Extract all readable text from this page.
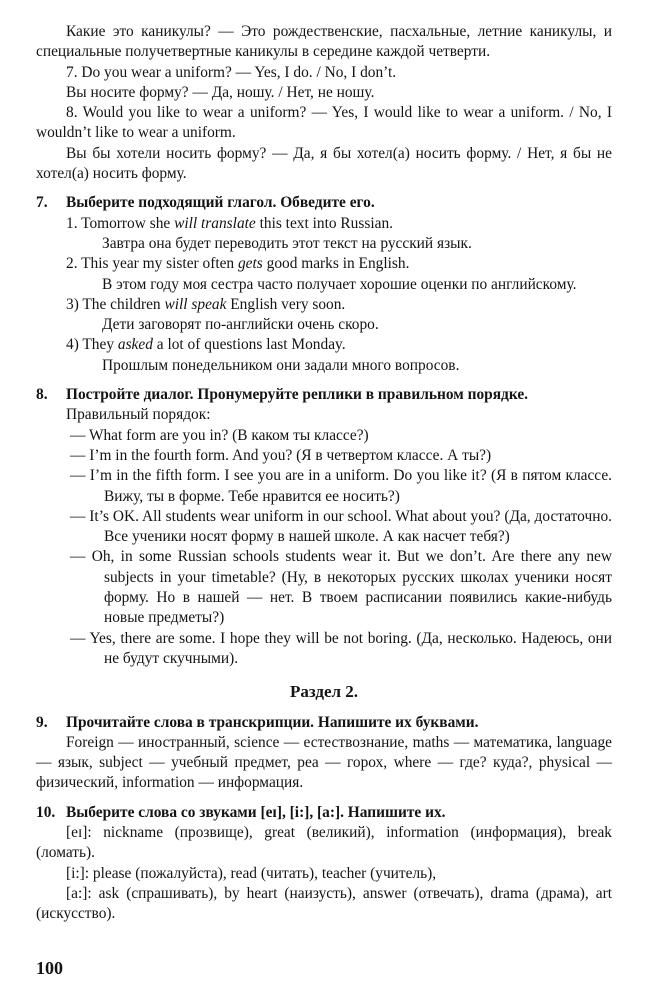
Какие это каникулы? — Это рождественские, пасхальные, летние каникулы, и специальные получетвертные каникулы в середине каждой четверти.

7. Do you wear a uniform? — Yes, I do. / No, I don’t.

Вы носите форму? — Да, ношу. / Нет, не ношу.

8. Would you like to wear a uniform? — Yes, I would like to wear a uniform. / No, I wouldn’t like to wear a uniform.

Вы бы хотели носить форму? — Да, я бы хотел(а) носить форму. / Нет, я бы не хотел(а) носить форму.

7. Выберите подходящий глагол. Обведите его.

1. Tomorrow she will translate this text into Russian.

Завтра она будет переводить этот текст на русский язык.

2. This year my sister often gets good marks in English.

В этом году моя сестра часто получает хорошие оценки по английскому.

3) The children will speak English very soon.

Дети заговорят по-английски очень скоро.

4) They asked a lot of questions last Monday.

Прошлым понедельником они задали много вопросов.

8. Постройте диалог. Пронумеруйте реплики в правильном порядке.

Правильный порядок:

— What form are you in? (В каком ты классе?)

— I’m in the fourth form. And you? (Я в четвертом классе. А ты?)

— I’m in the fifth form. I see you are in a uniform. Do you like it? (Я в пятом классе. Вижу, ты в форме. Тебе нравится ее носить?)

— It’s OK. All students wear uniform in our school. What about you? (Да, достаточно. Все ученики носят форму в нашей школе. А как насчет тебя?)

— Oh, in some Russian schools students wear it. But we don’t. Are there any new subjects in your timetable? (Ну, в некоторых русских школах ученики носят форму. Но в нашей — нет. В твоем расписании появились какие-нибудь новые предметы?)

— Yes, there are some. I hope they will be not boring. (Да, несколько. Надеюсь, они не будут скучными).

Раздел 2.

9. Прочитайте слова в транскрипции. Напишите их буквами.

Foreign — иностранный, science — естествознание, maths — математика, language — язык, subject — учебный предмет, pea — горох, where — где? куда?, physical — физический, information — информация.

10. Выберите слова со звуками [eɪ], [i:], [a:]. Напишите их.

[eɪ]: nickname (прозвище), great (великий), information (информация), break (ломать).

[i:]: please (пожалуйста), read (читать), teacher (учитель),

[a:]: ask (спрашивать), by heart (наизусть), answer (отвечать), drama (драма), art (искусство).

100
